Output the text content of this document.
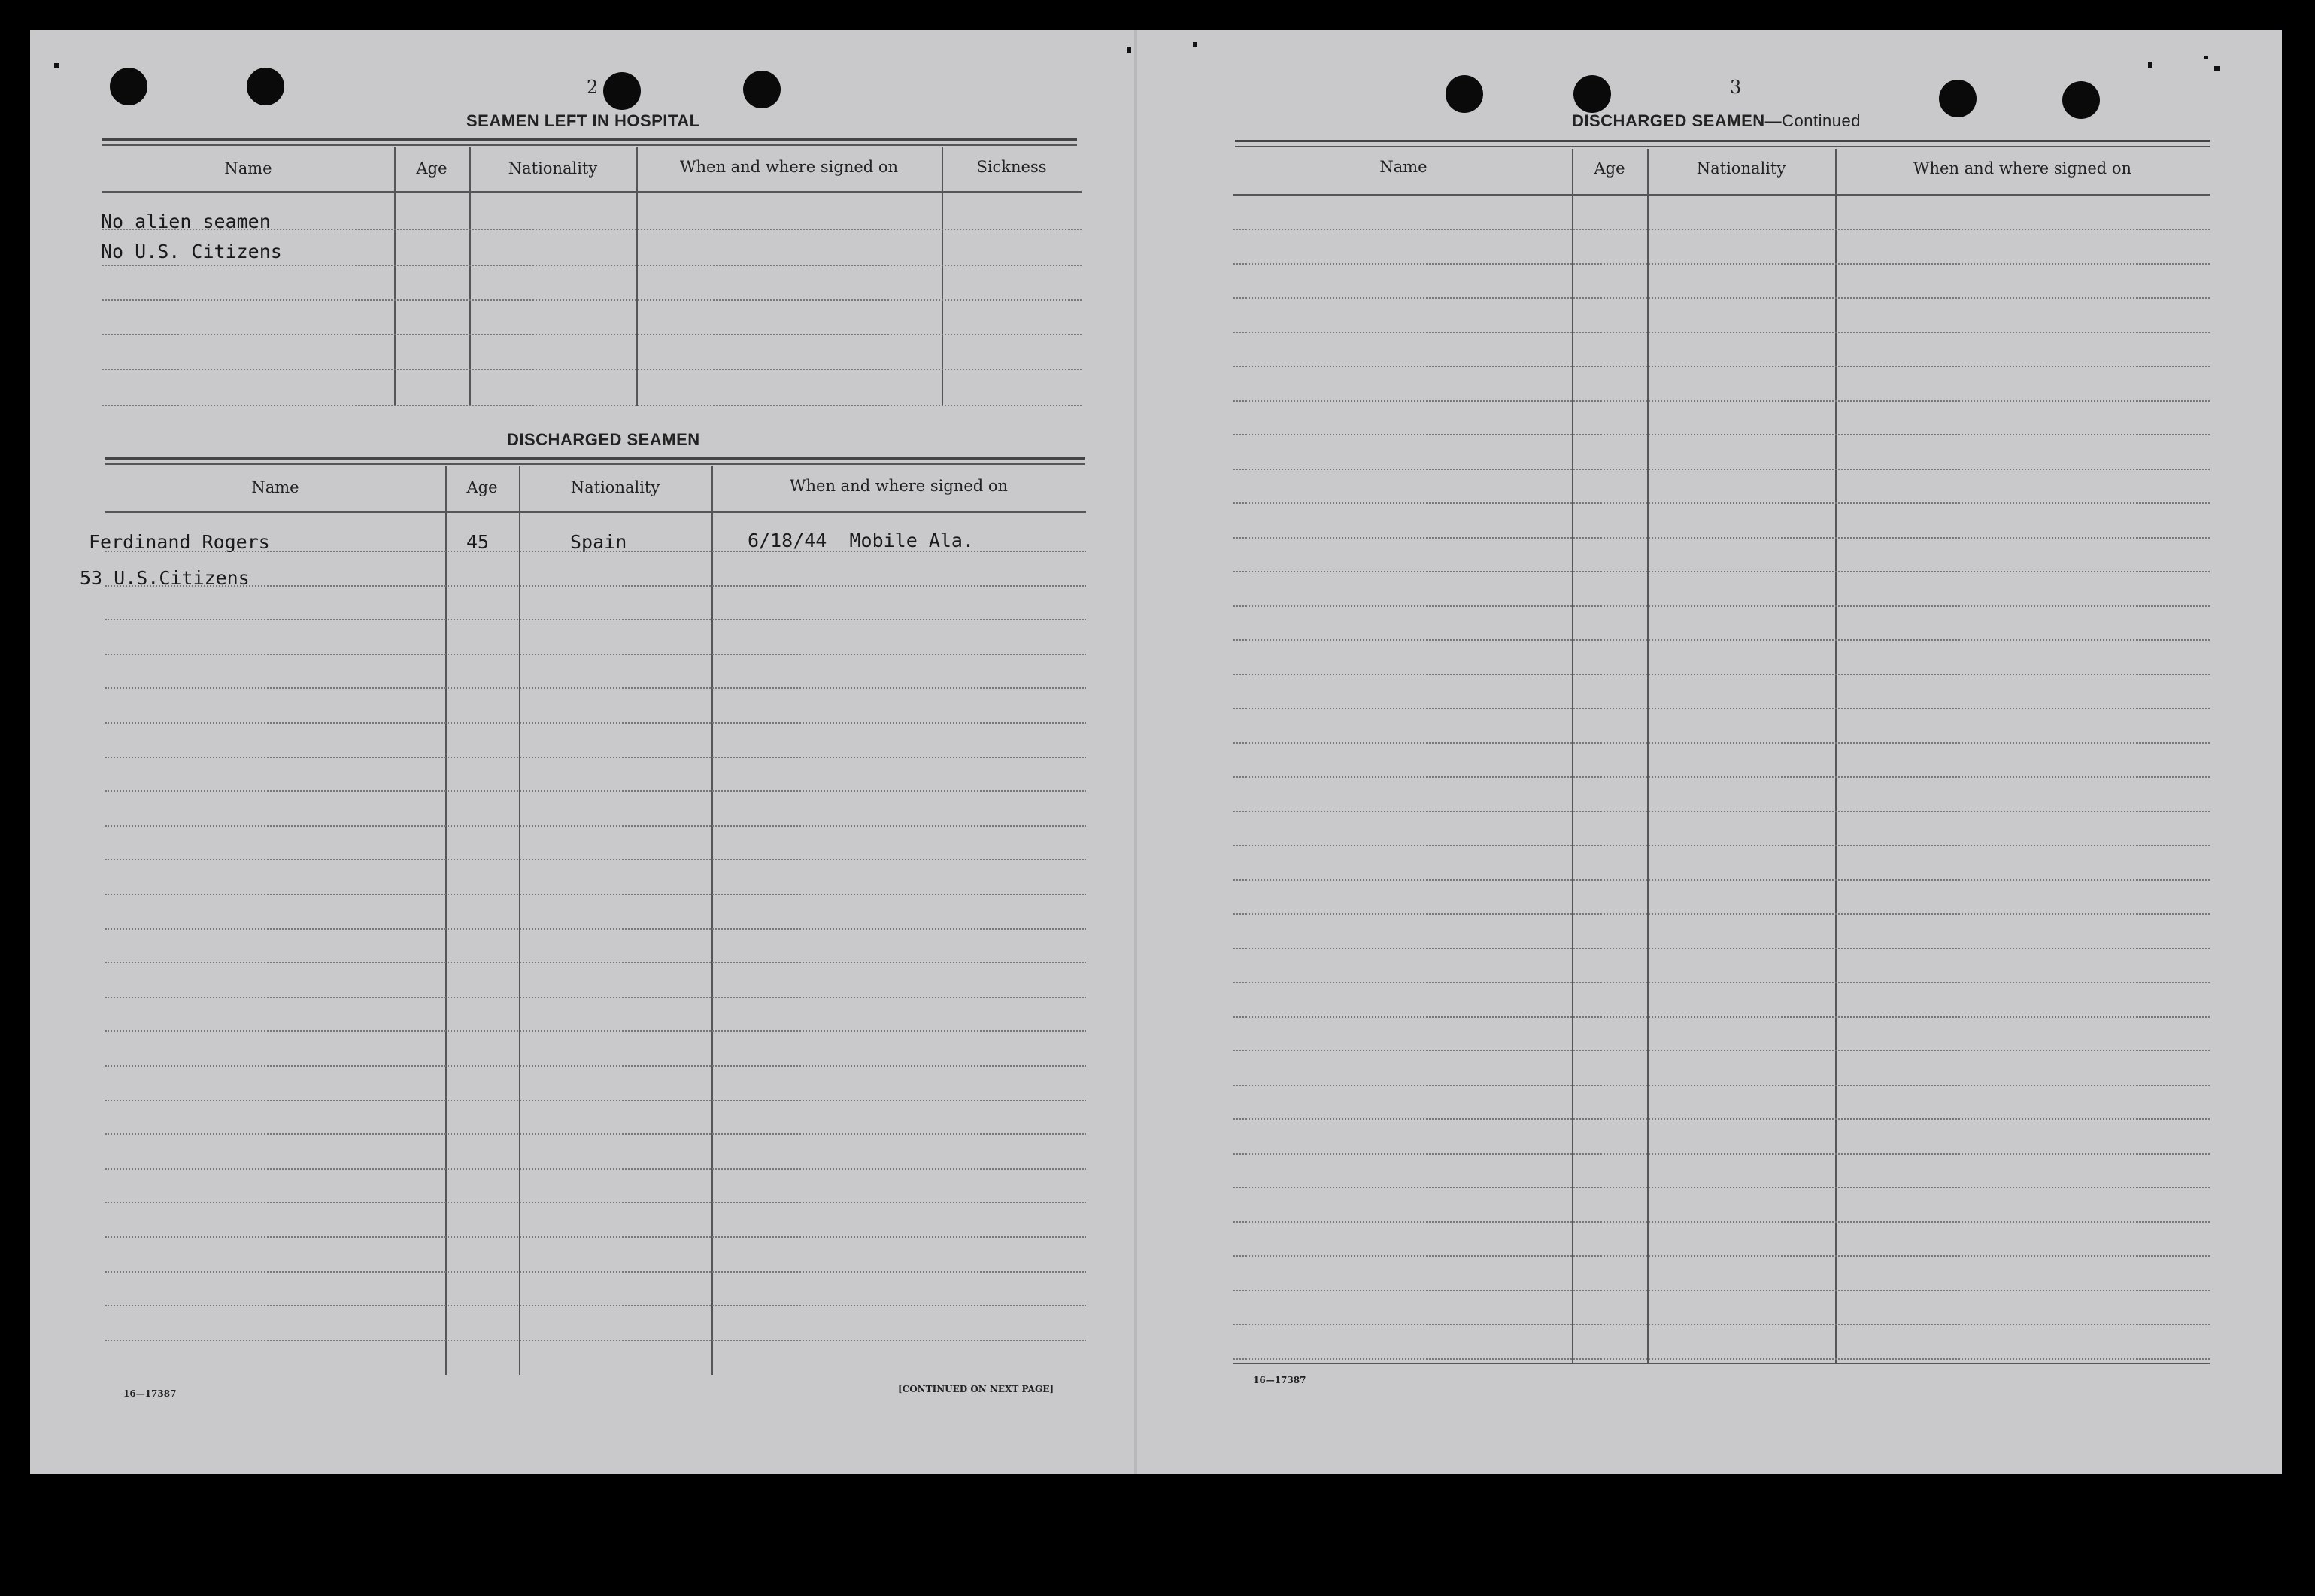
2
SEAMEN LEFT IN HOSPITAL
Name	Age	Nationality	When and where signed on	Sickness
No alien seamen
No U.S. Citizens
DISCHARGED SEAMEN
Name	Age	Nationality	When and where signed on
Ferdinand Rogers	45	Spain	6/18/44  Mobile Ala.
53 U.S.Citizens
16—17387	[CONTINUED ON NEXT PAGE]
3
DISCHARGED SEAMEN—Continued
Name	Age	Nationality	When and where signed on
16—17387
